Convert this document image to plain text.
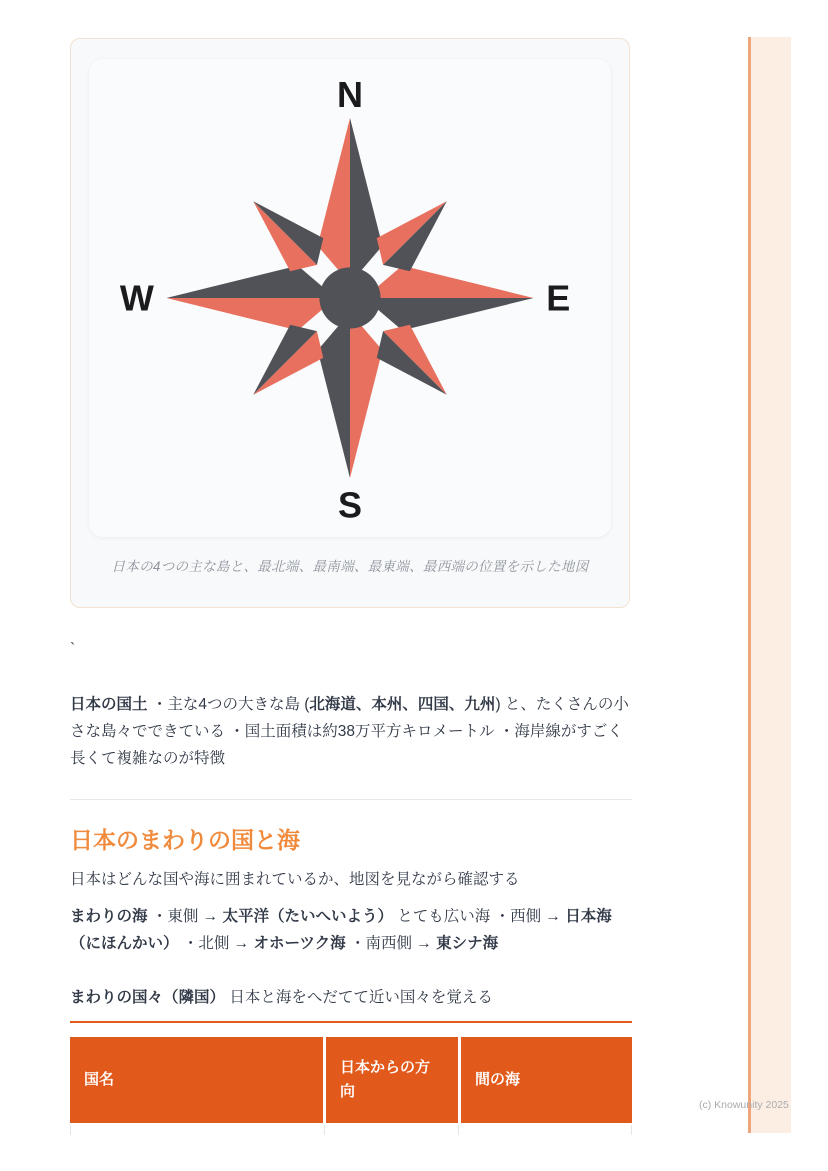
N
S
E
W
日本の4つの主な島と、最北端、最南端、最東端、最西端の位置を示した地図
`

日本の国土 ・主な4つの大きな島 (北海道、本州、四国、九州) と、たくさんの小さな島々でできている ・国土面積は約38万平方キロメートル ・海岸線がすごく長くて複雑なのが特徴

日本のまわりの国と海

日本はどんな国や海に囲まれているか、地図を見ながら確認する

まわりの海 ・東側 → 太平洋（たいへいよう） とても広い海 ・西側 → 日本海（にほんかい） ・北側 → オホーツク海 ・南西側 → 東シナ海

まわりの国々（隣国） 日本と海をへだてて近い国々を覚える

国名
日本からの方向
間の海
(c) Knowunity 2025
